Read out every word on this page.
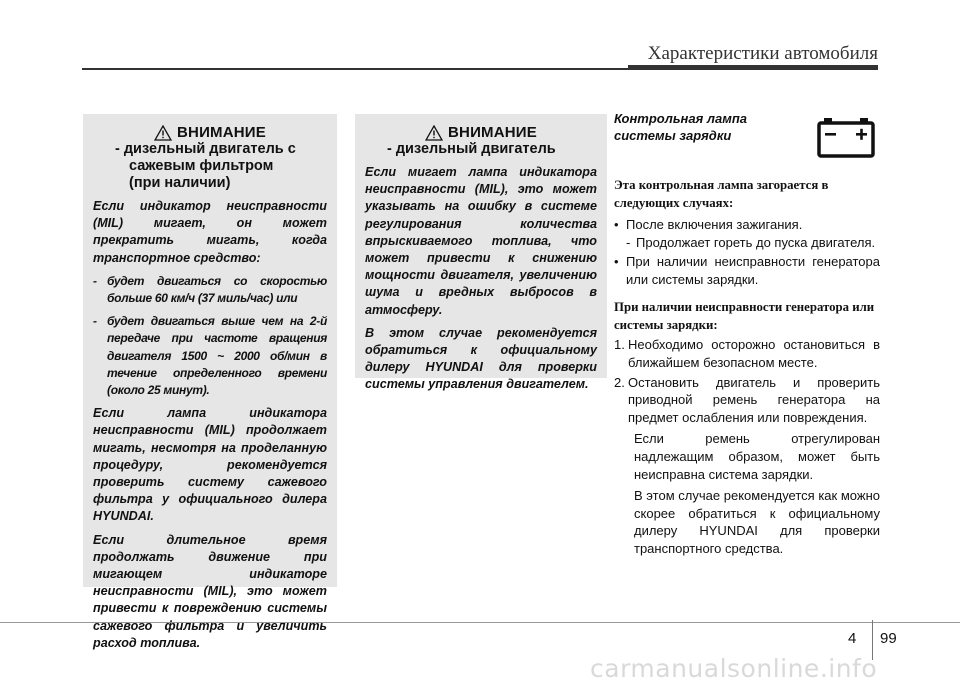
Характеристики автомобиля
ВНИМАНИЕ
- дизельный двигатель с
сажевым фильтром
(при наличии)
Если индикатор неисправности (MIL) мигает, он может прекратить мигать, когда транспортное средство:
- будет двигаться со скоростью больше 60 км/ч (37 миль/час) или
- будет двигаться выше чем на 2-й передаче при частоте вращения двигателя 1500 ~ 2000 об/мин в течение определенного времени (около 25 минут).
Если лампа индикатора неисправности (MIL) продолжает мигать, несмотря на проделанную процедуру, рекомендуется проверить систему сажевого фильтра у официального дилера HYUNDAI.
Если длительное время продолжать движение при мигающем индикаторе неисправности (MIL), это может привести к повреждению системы сажевого фильтра и увеличить расход топлива.
ВНИМАНИЕ
- дизельный двигатель
Если мигает лампа индикатора неисправности (MIL), это может указывать на ошибку в системе регулирования количества впрыскиваемого топлива, что может привести к снижению мощности двигателя, увеличению шума и вредных выбросов в атмосферу.
В этом случае рекомендуется обратиться к официальному дилеру HYUNDAI для проверки системы управления двигателем.
Контрольная лампа
системы зарядки
Эта контрольная лампа загорается в следующих случаях:
• После включения зажигания.
- Продолжает гореть до пуска двигателя.
• При наличии неисправности генератора или системы зарядки.
При наличии неисправности генератора или системы зарядки:
1. Необходимо осторожно остановиться в ближайшем безопасном месте.
2. Остановить двигатель и проверить приводной ремень генератора на предмет ослабления или повреждения.
Если ремень отрегулирован надлежащим образом, может быть неисправна система зарядки.
В этом случае рекомендуется как можно скорее обратиться к официальному дилеру HYUNDAI для проверки транспортного средства.
4 99
carmanualsonline.info
